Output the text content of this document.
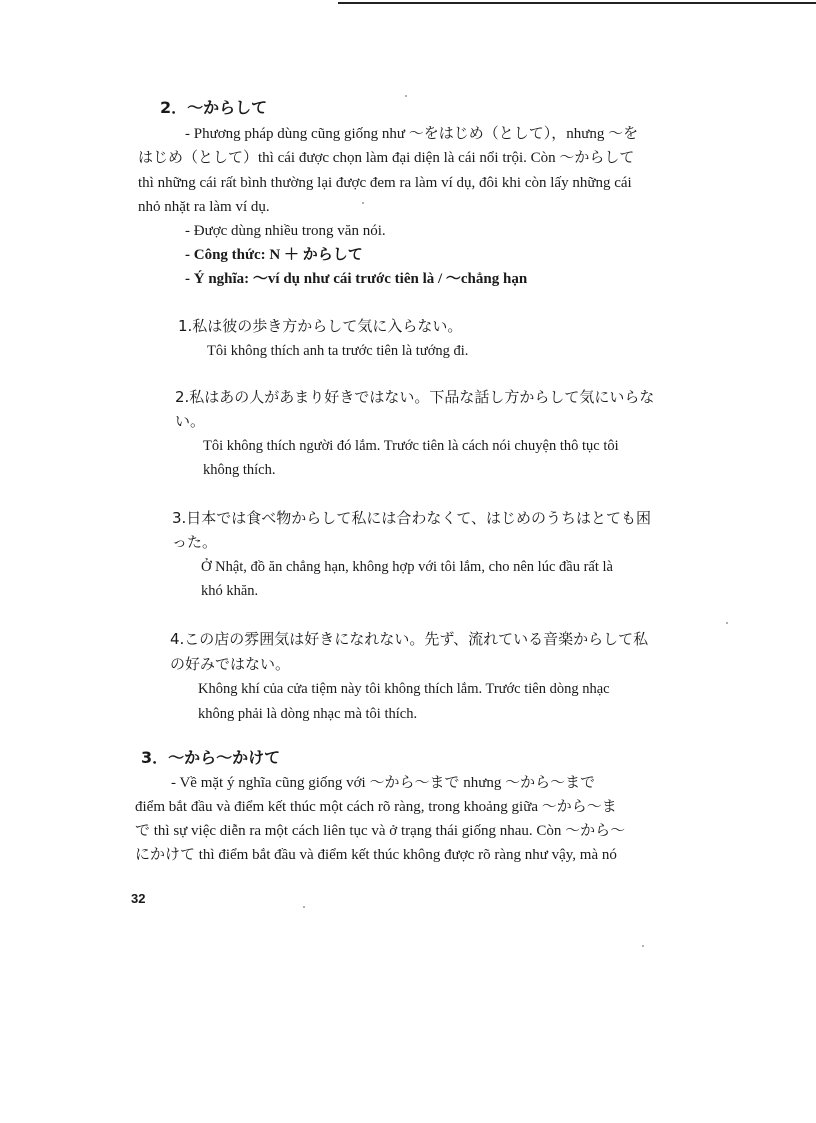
2．～からして
- Phương pháp dùng cũng giống như ～をはじめ（として），nhưng ～を
はじめ（として）thì cái được chọn làm đại diện là cái nổi trội. Còn ～からして
thì những cái rất bình thường lại được đem ra làm ví dụ, đôi khi còn lấy những cái
nhỏ nhặt ra làm ví dụ.
- Được dùng nhiều trong văn nói.
- Công thức: N ＋ からして
- Ý nghĩa: ～ví dụ như cái trước tiên là / ～chẳng hạn
1.私は彼の歩き方からして気に入らない。
Tôi không thích anh ta trước tiên là tướng đi.
2.私はあの人があまり好きではない。下品な話し方からして気にいらな
い。
Tôi không thích người đó lắm. Trước tiên là cách nói chuyện thô tục tôi
không thích.
3.日本では食べ物からして私には合わなくて、はじめのうちはとても困
った。
Ở Nhật, đồ ăn chẳng hạn, không hợp với tôi lắm, cho nên lúc đầu rất là
khó khăn.
4.この店の雰囲気は好きになれない。先ず、流れている音楽からして私
の好みではない。
Không khí của cửa tiệm này tôi không thích lắm. Trước tiên dòng nhạc
không phải là dòng nhạc mà tôi thích.
3．～から～かけて
- Về mặt ý nghĩa cũng giống với ～から～まで nhưng ～から～まで
điểm bắt đầu và điểm kết thúc một cách rõ ràng, trong khoảng giữa ～から～ま
で thì sự việc diễn ra một cách liên tục và ở trạng thái giống nhau. Còn ～から～
にかけて thì điểm bắt đầu và điểm kết thúc không được rõ ràng như vậy, mà nó
32
